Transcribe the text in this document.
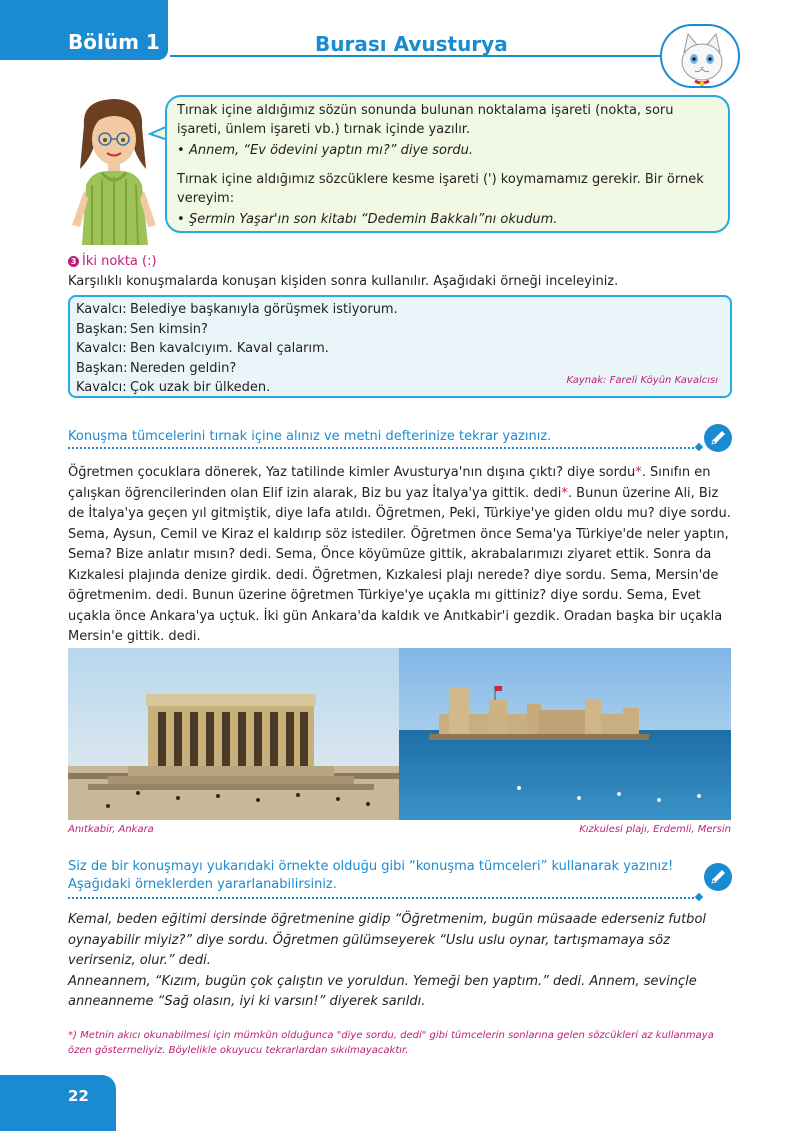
Bölüm 1	Burası Avusturya

Tırnak içine aldığımız sözün sonunda bulunan noktalama işareti (nokta, soru işareti, ünlem işareti vb.) tırnak içinde yazılır.

• Annem, “Ev ödevini yaptın mı?” diye sordu.

Tırnak içine aldığımız sözcüklere kesme işareti (') koymamamız gerekir. Bir örnek vereyim:

• Şermin Yaşar'ın son kitabı “Dedemin Bakkalı”nı okudum.

3 İki nokta (:)
Karşılıklı konuşmalarda konuşan kişiden sonra kullanılır. Aşağıdaki örneği inceleyiniz.
Kavalcı: Belediye başkanıyla görüşmek istiyorum.
Başkan: Sen kimsin?
Kavalcı: Ben kavalcıyım. Kaval çalarım.
Başkan: Nereden geldin?
Kavalcı: Çok uzak bir ülkeden.	Kaynak: Fareli Köyün Kavalcısı
Konuşma tümcelerini tırnak içine alınız ve metni defterinize tekrar yazınız.
Öğretmen çocuklara dönerek, Yaz tatilinde kimler Avusturya'nın dışına çıktı? diye sordu*. Sınıfın en çalışkan öğrencilerinden olan Elif izin alarak, Biz bu yaz İtalya'ya gittik. dedi*. Bunun üzerine Ali, Biz de İtalya'ya geçen yıl gitmiştik, diye lafa atıldı. Öğretmen, Peki, Türkiye'ye giden oldu mu? diye sordu. Sema, Aysun, Cemil ve Kiraz el kaldırıp söz istediler. Öğretmen önce Sema'ya Türkiye'de neler yaptın, Sema? Bize anlatır mısın? dedi. Sema, Önce köyümüze gittik, akrabalarımızı ziyaret ettik. Sonra da Kızkalesi plajında denize girdik. dedi. Öğretmen, Kızkalesi plajı nerede? diye sordu. Sema, Mersin'de öğretmenim. dedi. Bunun üzerine öğretmen Türkiye'ye uçakla mı gittiniz? diye sordu. Sema, Evet uçakla önce Ankara'ya uçtuk. İki gün Ankara'da kaldık ve Anıtkabir'i gezdik. Oradan başka bir uçakla Mersin'e gittik. dedi.
Anıtkabir, Ankara	Kızkulesi plajı, Erdemli, Mersin
Siz de bir konuşmayı yukarıdaki örnekte olduğu gibi “konuşma tümceleri” kullanarak yazınız!
Aşağıdaki örneklerden yararlanabilirsiniz.

Kemal, beden eğitimi dersinde öğretmenine gidip “Öğretmenim, bugün müsaade ederseniz futbol oynayabilir miyiz?” diye sordu. Öğretmen gülümseyerek “Uslu uslu oynar, tartışmamaya söz verirseniz, olur.” dedi.

Anneannem, “Kızım, bugün çok çalıştın ve yoruldun. Yemeği ben yaptım.” dedi. Annem, sevinçle anneanneme “Sağ olasın, iyi ki varsın!” diyerek sarıldı.

*) Metnin akıcı okunabilmesi için mümkün olduğunca "diye sordu, dedi" gibi tümcelerin sonlarına gelen sözcükleri az kullanmaya özen göstermeliyiz. Böylelikle okuyucu tekrarlardan sıkılmayacaktır.
22
